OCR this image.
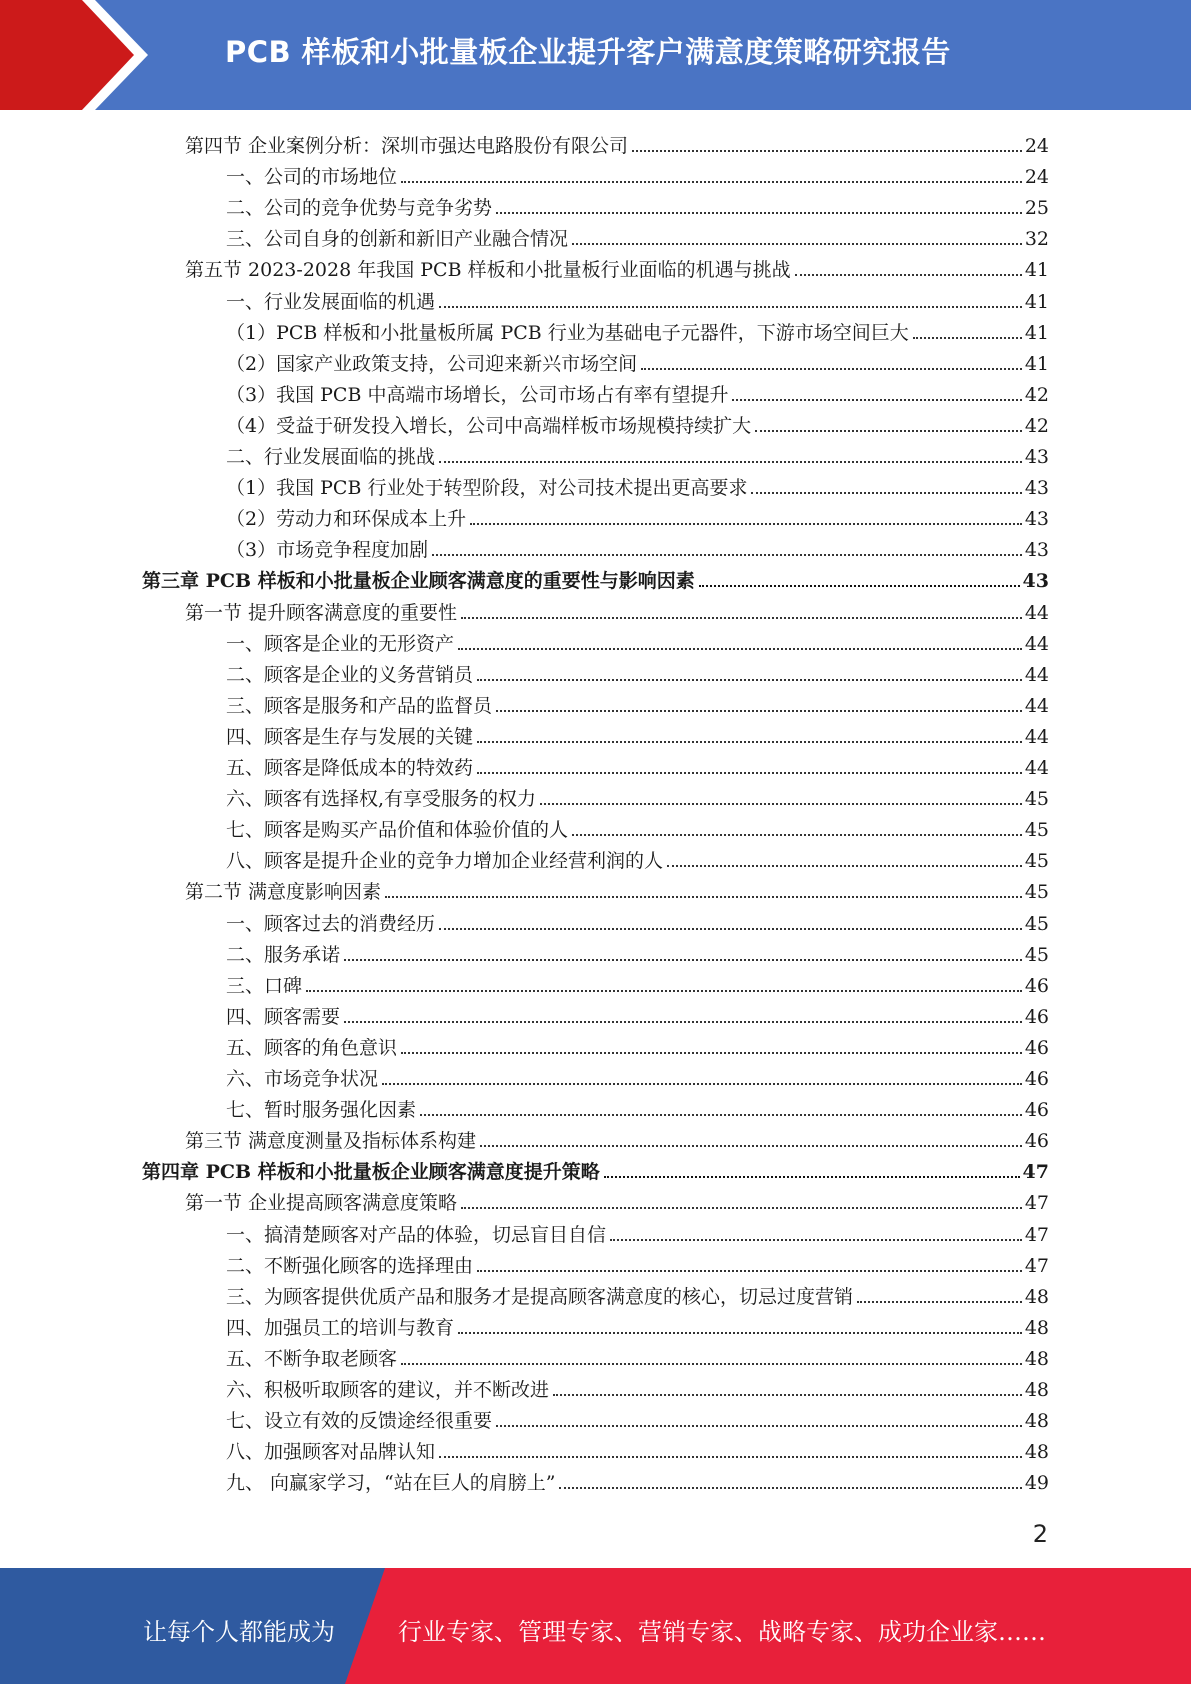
PCB 样板和小批量板企业提升客户满意度策略研究报告
第四节 企业案例分析：深圳市强达电路股份有限公司	24
一、公司的市场地位	24
二、公司的竞争优势与竞争劣势	25
三、公司自身的创新和新旧产业融合情况	32
第五节 2023-2028 年我国 PCB 样板和小批量板行业面临的机遇与挑战	41
一、行业发展面临的机遇	41
（1）PCB 样板和小批量板所属 PCB 行业为基础电子元器件，下游市场空间巨大	41
（2）国家产业政策支持，公司迎来新兴市场空间	41
（3）我国 PCB 中高端市场增长，公司市场占有率有望提升	42
（4）受益于研发投入增长，公司中高端样板市场规模持续扩大	42
二、行业发展面临的挑战	43
（1）我国 PCB 行业处于转型阶段，对公司技术提出更高要求	43
（2）劳动力和环保成本上升	43
（3）市场竞争程度加剧	43
第三章 PCB 样板和小批量板企业顾客满意度的重要性与影响因素	43
第一节 提升顾客满意度的重要性	44
一、顾客是企业的无形资产	44
二、顾客是企业的义务营销员	44
三、顾客是服务和产品的监督员	44
四、顾客是生存与发展的关键	44
五、顾客是降低成本的特效药	44
六、顾客有选择权,有享受服务的权力	45
七、顾客是购买产品价值和体验价值的人	45
八、顾客是提升企业的竞争力增加企业经营利润的人	45
第二节 满意度影响因素	45
一、顾客过去的消费经历	45
二、服务承诺	45
三、口碑	46
四、顾客需要	46
五、顾客的角色意识	46
六、市场竞争状况	46
七、暂时服务强化因素	46
第三节 满意度测量及指标体系构建	46
第四章 PCB 样板和小批量板企业顾客满意度提升策略	47
第一节 企业提高顾客满意度策略	47
一、搞清楚顾客对产品的体验，切忌盲目自信	47
二、不断强化顾客的选择理由	47
三、为顾客提供优质产品和服务才是提高顾客满意度的核心，切忌过度营销	48
四、加强员工的培训与教育	48
五、不断争取老顾客	48
六、积极听取顾客的建议，并不断改进	48
七、设立有效的反馈途经很重要	48
八、加强顾客对品牌认知	48
九、 向赢家学习，“站在巨人的肩膀上”	49
2
让每个人都能成为	行业专家、管理专家、营销专家、战略专家、成功企业家……
